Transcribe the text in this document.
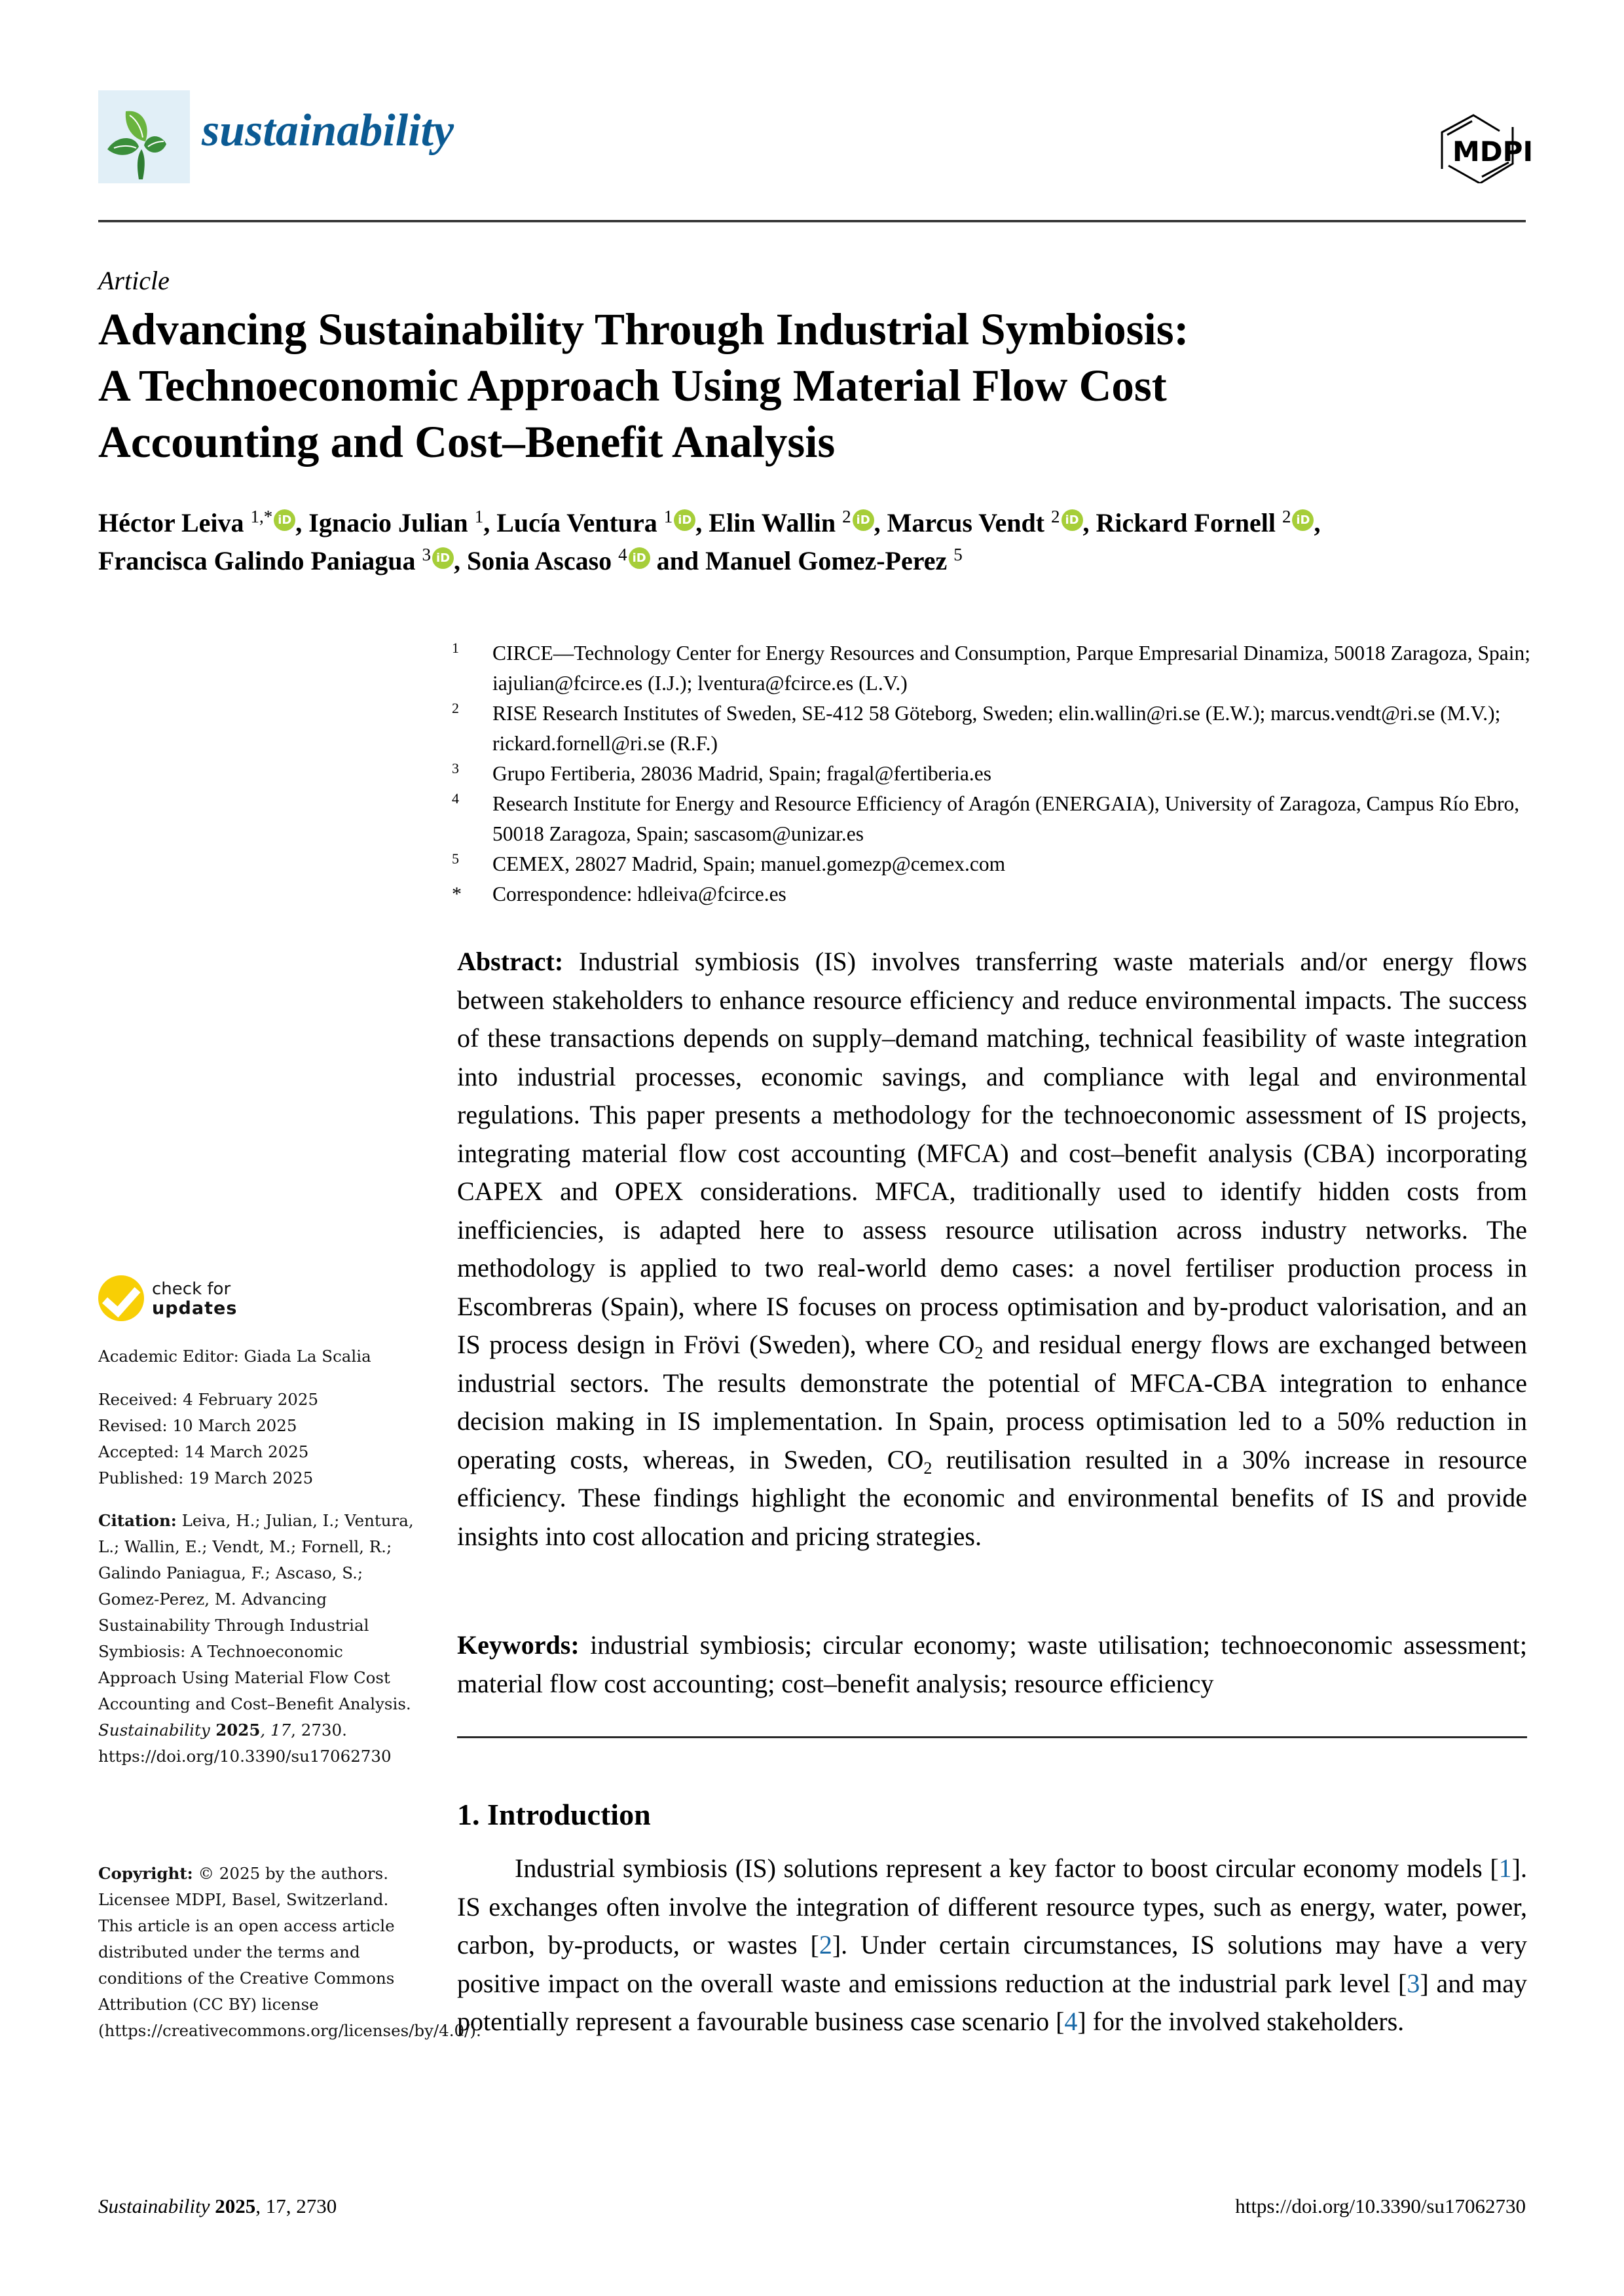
sustainability	MDPI
Article
Advancing Sustainability Through Industrial Symbiosis:
A Technoeconomic Approach Using Material Flow Cost
Accounting and Cost–Benefit Analysis
Héctor Leiva $^{1,*}$ iD , Ignacio Julian $^1$, Lucía Ventura $^1$ iD , Elin Wallin $^2$ iD , Marcus Vendt $^2$ iD , Rickard Fornell $^2$ iD ,
Francisca Galindo Paniagua $^3$ iD , Sonia Ascaso $^4$ iD and Manuel Gomez-Perez $^5$
1 CIRCE—Technology Center for Energy Resources and Consumption, Parque Empresarial Dinamiza, 50018 Zaragoza, Spain; iajulian@fcirce.es (I.J.); lventura@fcirce.es (L.V.)
2 RISE Research Institutes of Sweden, SE-412 58 Göteborg, Sweden; elin.wallin@ri.se (E.W.); marcus.vendt@ri.se (M.V.); rickard.fornell@ri.se (R.F.)
3 Grupo Fertiberia, 28036 Madrid, Spain; fragal@fertiberia.es
4 Research Institute for Energy and Resource Efficiency of Aragón (ENERGAIA), University of Zaragoza, Campus Río Ebro, 50018 Zaragoza, Spain; sascasom@unizar.es
5 CEMEX, 28027 Madrid, Spain; manuel.gomezp@cemex.com
* Correspondence: hdleiva@fcirce.es
Abstract: Industrial symbiosis (IS) involves transferring waste materials and/or energy flows between stakeholders to enhance resource efficiency and reduce environmental impacts. The success of these transactions depends on supply–demand matching, technical feasibility of waste integration into industrial processes, economic savings, and compliance with legal and environmental regulations. This paper presents a methodology for the technoeconomic assessment of IS projects, integrating material flow cost accounting (MFCA) and cost–benefit analysis (CBA) incorporating CAPEX and OPEX considerations. MFCA, traditionally used to identify hidden costs from inefficiencies, is adapted here to assess resource utilisation across industry networks. The methodology is applied to two real-world demo cases: a novel fertiliser production process in Escombreras (Spain), where IS focuses on process optimisation and by-product valorisation, and an IS process design in Frövi (Sweden), where $CO_2$ and residual energy flows are exchanged between industrial sectors. The results demonstrate the potential of MFCA-CBA integration to enhance decision making in IS implementation. In Spain, process optimisation led to a 50% reduction in operating costs, whereas, in Sweden, $CO_2$ reutilisation resulted in a 30% increase in resource efficiency. These findings highlight the economic and environmental benefits of IS and provide insights into cost allocation and pricing strategies.
Keywords: industrial symbiosis; circular economy; waste utilisation; technoeconomic assessment; material flow cost accounting; cost–benefit analysis; resource efficiency
1. Introduction
Industrial symbiosis (IS) solutions represent a key factor to boost circular economy models [1]. IS exchanges often involve the integration of different resource types, such as energy, water, power, carbon, by-products, or wastes [2]. Under certain circumstances, IS solutions may have a very positive impact on the overall waste and emissions reduction at the industrial park level [3] and may potentially represent a favourable business case scenario [4] for the involved stakeholders.
check for
updates
Academic Editor: Giada La Scalia
Received: 4 February 2025
Revised: 10 March 2025
Accepted: 14 March 2025
Published: 19 March 2025
Citation: Leiva, H.; Julian, I.; Ventura, L.; Wallin, E.; Vendt, M.; Fornell, R.; Galindo Paniagua, F.; Ascaso, S.; Gomez-Perez, M. Advancing Sustainability Through Industrial Symbiosis: A Technoeconomic Approach Using Material Flow Cost Accounting and Cost–Benefit Analysis. Sustainability 2025, 17, 2730. https://doi.org/10.3390/su17062730
Copyright: © 2025 by the authors. Licensee MDPI, Basel, Switzerland. This article is an open access article distributed under the terms and conditions of the Creative Commons Attribution (CC BY) license (https://creativecommons.org/licenses/by/4.0/).
Sustainability 2025, 17, 2730	https://doi.org/10.3390/su17062730
